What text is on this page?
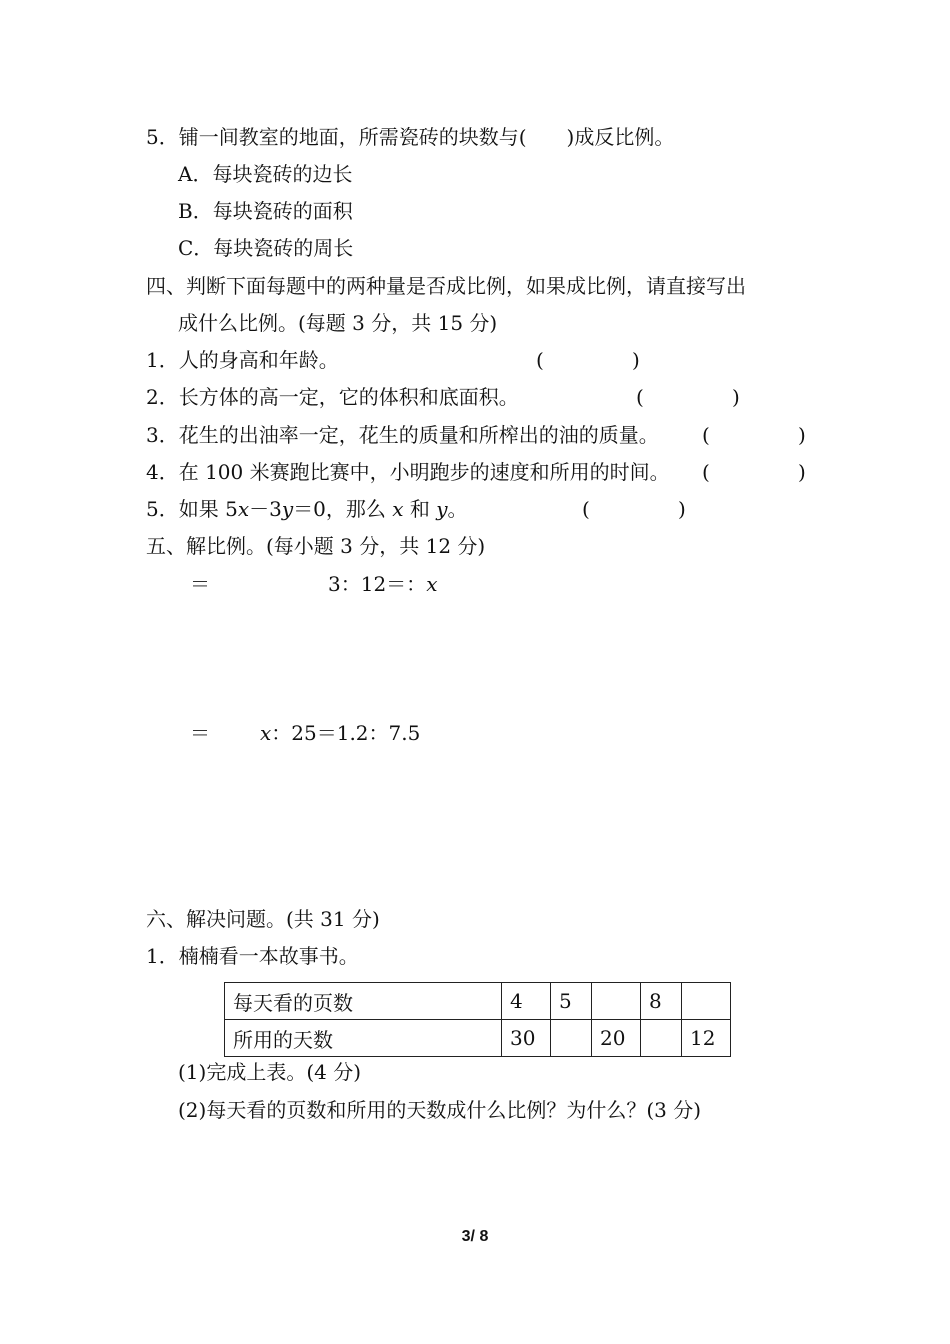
5．铺一间教室的地面，所需瓷砖的块数与( )成反比例。
A．每块瓷砖的边长
B．每块瓷砖的面积
C．每块瓷砖的周长
四、判断下面每题中的两种量是否成比例，如果成比例，请直接写出
成什么比例。(每题 3 分，共 15 分)
1．人的身高和年龄。	(	)
2．长方体的高一定，它的体积和底面积。	(	)
3．花生的出油率一定，花生的质量和所榨出的油的质量。 (	)
4．在 100 米赛跑比赛中，小明跑步的速度和所用的时间。 (	)
5．如果 5x－3y＝0，那么 x 和 y。	(	)
五、解比例。(每小题 3 分，共 12 分)
＝	3：12＝：x
＝	x：25＝1.2：7.5
六、解决问题。(共 31 分)
1．楠楠看一本故事书。
每天看的页数	4	5		8	
所用的天数	30		20		12
(1)完成上表。(4 分)
(2)每天看的页数和所用的天数成什么比例？为什么？(3 分)
3/ 8
